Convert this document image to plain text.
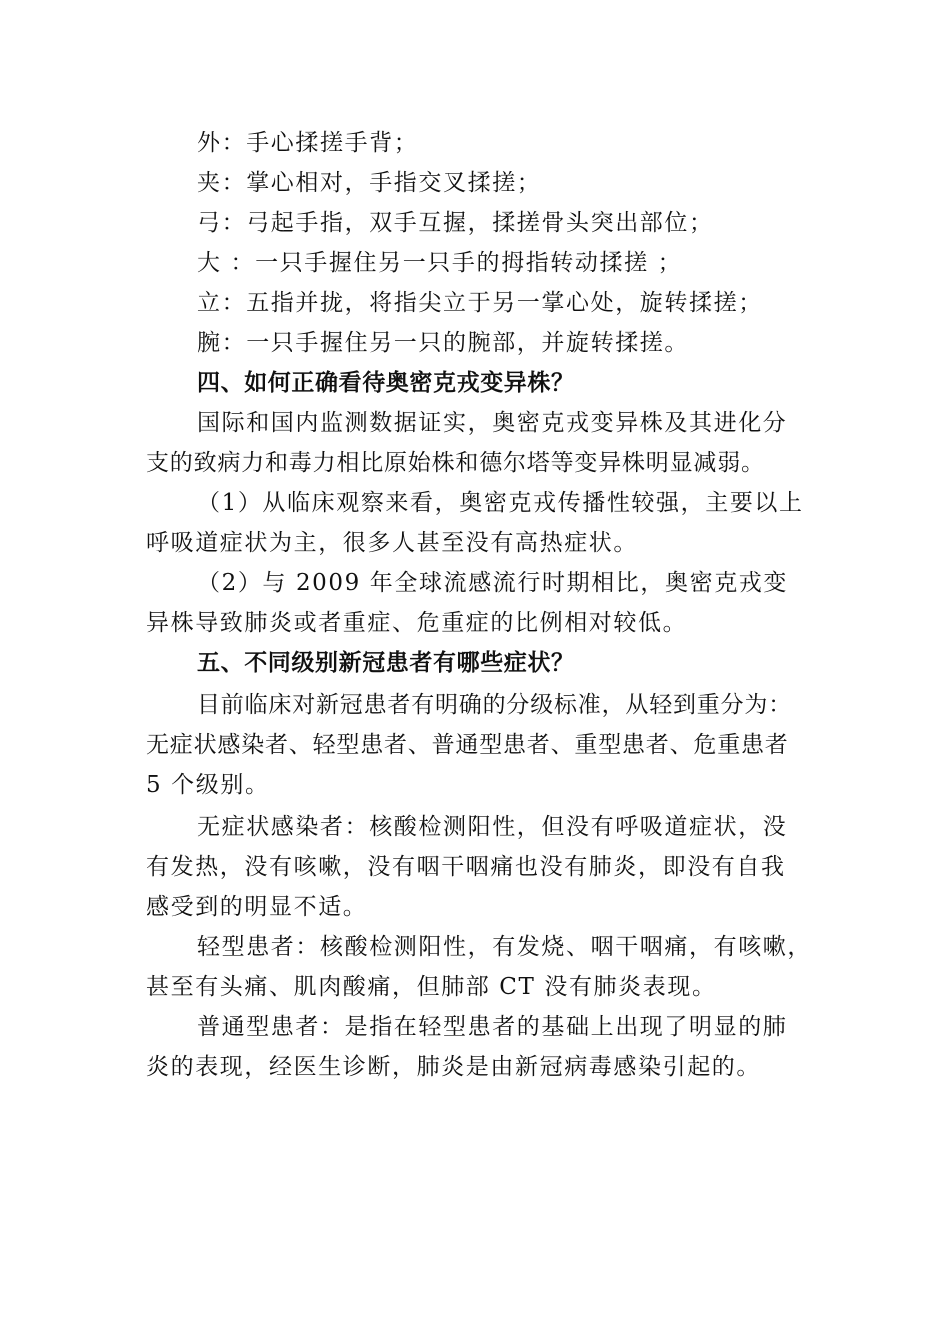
外：手心揉搓手背；
夹：掌心相对，手指交叉揉搓；
弓：弓起手指，双手互握，揉搓骨头突出部位；
大 ：一只手握住另一只手的拇指转动揉搓 ；
立：五指并拢，将指尖立于另一掌心处，旋转揉搓；
腕：一只手握住另一只的腕部，并旋转揉搓。
四、如何正确看待奥密克戎变异株？
国际和国内监测数据证实，奥密克戎变异株及其进化分
支的致病力和毒力相比原始株和德尔塔等变异株明显减弱。
（1）从临床观察来看，奥密克戎传播性较强，主要以上
呼吸道症状为主，很多人甚至没有高热症状。
（2）与 2009 年全球流感流行时期相比，奥密克戎变
异株导致肺炎或者重症、危重症的比例相对较低。
五、不同级别新冠患者有哪些症状？
目前临床对新冠患者有明确的分级标准，从轻到重分为：
无症状感染者、轻型患者、普通型患者、重型患者、危重患者
5 个级别。
无症状感染者：核酸检测阳性，但没有呼吸道症状，没
有发热，没有咳嗽，没有咽干咽痛也没有肺炎，即没有自我
感受到的明显不适。
轻型患者：核酸检测阳性，有发烧、咽干咽痛，有咳嗽，
甚至有头痛、肌肉酸痛，但肺部 CT 没有肺炎表现。
普通型患者：是指在轻型患者的基础上出现了明显的肺
炎的表现，经医生诊断，肺炎是由新冠病毒感染引起的。
